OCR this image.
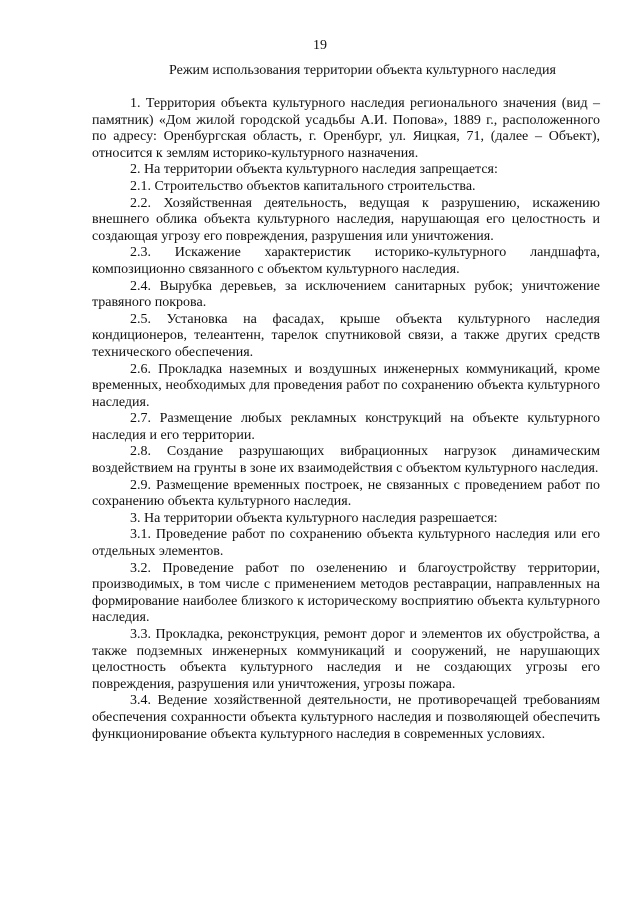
19
Режим использования территории объекта культурного наследия

1. Территория объекта культурного наследия регионального значения (вид – памятник) «Дом жилой городской усадьбы А.И. Попова», 1889 г., расположенного по адресу: Оренбургская область, г. Оренбург, ул. Яицкая, 71, (далее – Объект), относится к землям историко-культурного назначения.

2. На территории объекта культурного наследия запрещается:

2.1. Строительство объектов капитального строительства.

2.2. Хозяйственная деятельность, ведущая к разрушению, искажению внешнего облика объекта культурного наследия, нарушающая его целостность и создающая угрозу его повреждения, разрушения или уничтожения.

2.3. Искажение характеристик историко-культурного ландшафта, композиционно связанного с объектом культурного наследия.

2.4. Вырубка деревьев, за исключением санитарных рубок; уничтожение травяного покрова.

2.5. Установка на фасадах, крыше объекта культурного наследия кондиционеров, телеантенн, тарелок спутниковой связи, а также других средств технического обеспечения.

2.6. Прокладка наземных и воздушных инженерных коммуникаций, кроме временных, необходимых для проведения работ по сохранению объекта культурного наследия.

2.7. Размещение любых рекламных конструкций на объекте культурного наследия и его территории.

2.8. Создание разрушающих вибрационных нагрузок динамическим воздействием на грунты в зоне их взаимодействия с объектом культурного наследия.

2.9. Размещение временных построек, не связанных с проведением работ по сохранению объекта культурного наследия.

3. На территории объекта культурного наследия разрешается:

3.1. Проведение работ по сохранению объекта культурного наследия или его отдельных элементов.

3.2. Проведение работ по озеленению и благоустройству территории, производимых, в том числе с применением методов реставрации, направленных на формирование наиболее близкого к историческому восприятию объекта культурного наследия.

3.3. Прокладка, реконструкция, ремонт дорог и элементов их обустройства, а также подземных инженерных коммуникаций и сооружений, не нарушающих целостность объекта культурного наследия и не создающих угрозы его повреждения, разрушения или уничтожения, угрозы пожара.

3.4. Ведение хозяйственной деятельности, не противоречащей требованиям обеспечения сохранности объекта культурного наследия и позволяющей обеспечить функционирование объекта культурного наследия в современных условиях.
